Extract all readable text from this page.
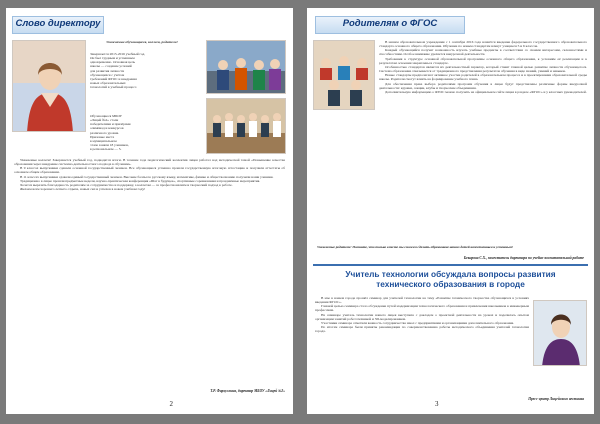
Слово директору
Уважаемые обучающиеся, коллеги, родители!
Завершается 2015-2016 учебный год.
Он был трудным и успешным
одновременно. Основная цель
школы — создание условий
для развития личности
обучающихся с учётом
требований ФГОС и внедрения
новых образовательных
технологий в учебный процесс.
Обучающиеся МБОУ
«Лицей №2» стали
победителями и призёрами
олимпиад и конкурсов
различного уровня.
Призовые места
в муниципальном
этапе заняли 18 учеников,
в региональном — 5.

Уважаемые коллеги! Завершается учебный год, подводятся итоги. В течение года педагогический коллектив лицея работал над методической темой «Повышение качества образования через внедрение системно-деятельностного подхода в обучении».

В 9 классах выпускники сдавали основной государственный экзамен. Все обучающиеся успешно прошли государственную итоговую аттестацию и получили аттестаты об основном общем образовании.

В 11 классах выпускники сдавали единый государственный экзамен. Высокие баллы по русскому языку, математике, физике и обществознанию получили наши ученики.

Традиционно в лицее прошли предметные недели, научно-практическая конференция «Шаг в будущее», спортивные соревнования и праздничные мероприятия.

Хочется выразить благодарность родителям за сотрудничество и поддержку, а коллегам — за профессионализм и творческий подход к работе.

Желаем всем хорошего летнего отдыха, новых сил и успехов в новом учебном году!

Т.Р. Фархуллина, директор МБОУ «Лицей №2»
2
Родителям о ФГОС

В нашем образовательном учреждении с 1 сентября 2016 года начнётся введение федерального государственного образовательного стандарта основного общего образования. Обучение по новым стандартам начнут учащиеся 5 и 6 классов.

Каждый обучающийся получит возможность изучать учебные предметы в соответствии со своими интересами, склонностями и способностями. Особое внимание уделяется внеурочной деятельности.

Требования к структуре основной образовательной программы основного общего образования, к условиям её реализации и к результатам освоения закреплены в стандарте.

Особенностью стандартов является их деятельностный характер, который ставит главной целью развитие личности обучающегося. Система образования отказывается от традиционного представления результатов обучения в виде знаний, умений и навыков.

Новые стандарты предполагают активное участие родителей в образовательном процессе и в проектировании образовательной среды школы. Родители смогут влиять на формирование учебного плана.

Для обеспечения права выбора родителями программ обучения в лицее будут представлены различные формы внеурочной деятельности: кружки, секции, клубы и творческие объединения.

Дополнительную информацию о ФГОС можно получить на официальном сайте лицея в разделе «ФГОС» и у классных руководителей.

Уважаемые родители! Помните, что только вместе мы сможем сделать образование наших детей качественным и успешным!
Бекирова С.Х., заместитель директора по учебно-воспитательной работе
Учитель технологии обсуждала вопросы развития технического образования в городе

В мае в нашем городе прошёл семинар для учителей технологии на тему «Развитие технического творчества обучающихся в условиях введения ФГОС».

Главной целью семинара стало обсуждение путей модернизации технологического образования и привлечения школьников к инженерным профессиям.

На семинаре учитель технологии нашего лицея выступила с докладом о проектной деятельности на уроках и поделилась опытом организации занятий робототехникой и 3D-моделированием.

Участники семинара отметили важность сотрудничества школ с предприятиями и организациями дополнительного образования.

По итогам семинара были приняты рекомендации по совершенствованию работы методического объединения учителей технологии города.

Пресс-центр Лицейского вестника
3
